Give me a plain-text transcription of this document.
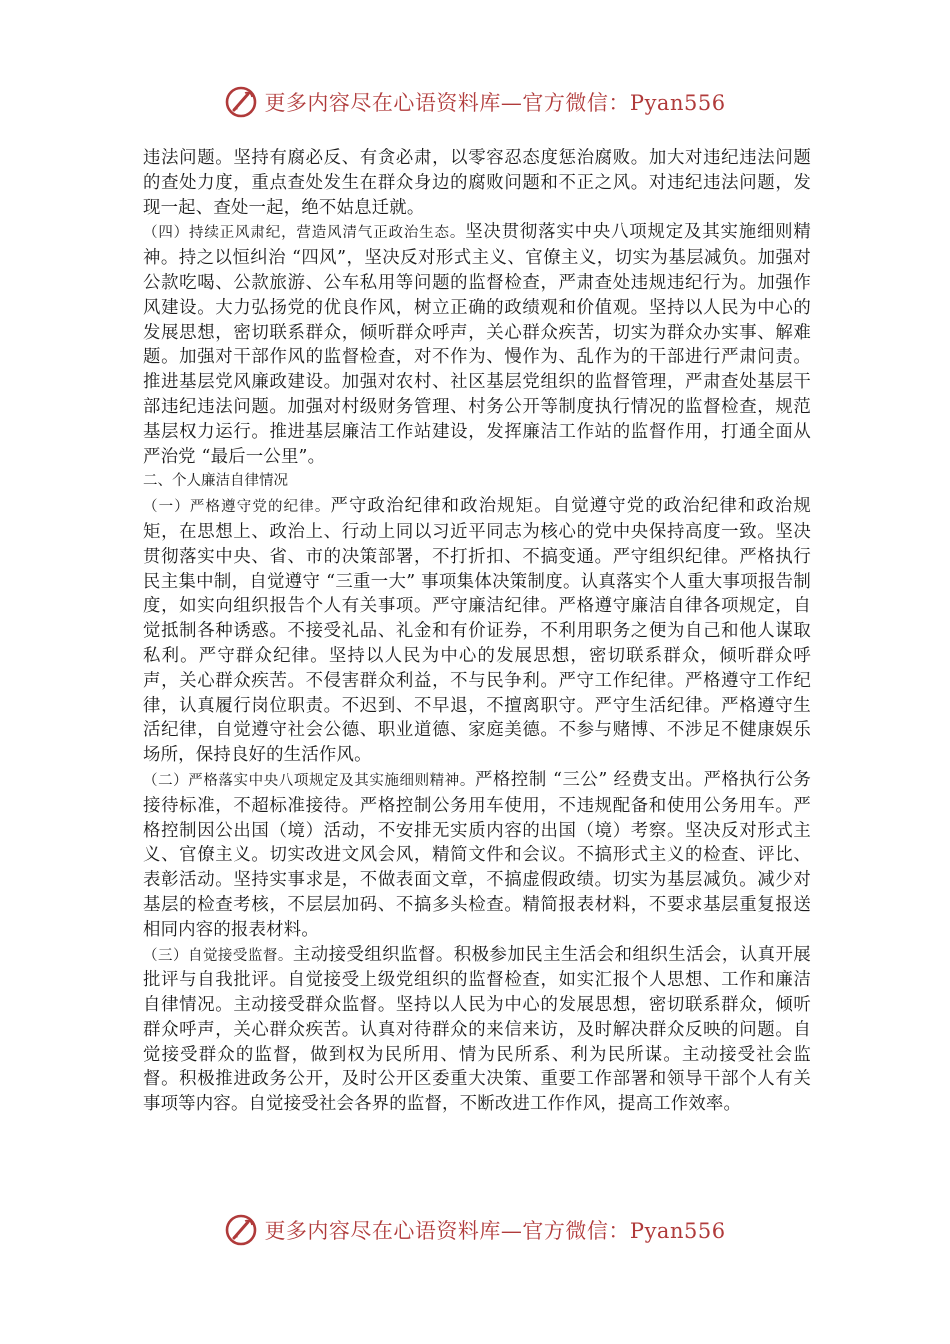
更多内容尽在心语资料库—官方微信：Pyan556

违法问题。坚持有腐必反、有贪必肃，以零容忍态度惩治腐败。加大对违纪违法问题的查处力度，重点查处发生在群众身边的腐败问题和不正之风。对违纪违法问题，发现一起、查处一起，绝不姑息迁就。

（四）持续正风肃纪，营造风清气正政治生态。坚决贯彻落实中央八项规定及其实施细则精神。持之以恒纠治 “四风”，坚决反对形式主义、官僚主义，切实为基层减负。加强对公款吃喝、公款旅游、公车私用等问题的监督检查，严肃查处违规违纪行为。加强作风建设。大力弘扬党的优良作风，树立正确的政绩观和价值观。坚持以人民为中心的发展思想，密切联系群众，倾听群众呼声，关心群众疾苦，切实为群众办实事、解难题。加强对干部作风的监督检查，对不作为、慢作为、乱作为的干部进行严肃问责。推进基层党风廉政建设。加强对农村、社区基层党组织的监督管理，严肃查处基层干部违纪违法问题。加强对村级财务管理、村务公开等制度执行情况的监督检查，规范基层权力运行。推进基层廉洁工作站建设，发挥廉洁工作站的监督作用，打通全面从严治党 “最后一公里”。

二、个人廉洁自律情况

（一）严格遵守党的纪律。严守政治纪律和政治规矩。自觉遵守党的政治纪律和政治规矩，在思想上、政治上、行动上同以习近平同志为核心的党中央保持高度一致。坚决贯彻落实中央、省、市的决策部署，不打折扣、不搞变通。严守组织纪律。严格执行民主集中制，自觉遵守 “三重一大” 事项集体决策制度。认真落实个人重大事项报告制度，如实向组织报告个人有关事项。严守廉洁纪律。严格遵守廉洁自律各项规定，自觉抵制各种诱惑。不接受礼品、礼金和有价证券，不利用职务之便为自己和他人谋取私利。严守群众纪律。坚持以人民为中心的发展思想，密切联系群众，倾听群众呼声，关心群众疾苦。不侵害群众利益，不与民争利。严守工作纪律。严格遵守工作纪律，认真履行岗位职责。不迟到、不早退，不擅离职守。严守生活纪律。严格遵守生活纪律，自觉遵守社会公德、职业道德、家庭美德。不参与赌博、不涉足不健康娱乐场所，保持良好的生活作风。

（二）严格落实中央八项规定及其实施细则精神。严格控制 “三公” 经费支出。严格执行公务接待标准，不超标准接待。严格控制公务用车使用，不违规配备和使用公务用车。严格控制因公出国（境）活动，不安排无实质内容的出国（境）考察。坚决反对形式主义、官僚主义。切实改进文风会风，精简文件和会议。不搞形式主义的检查、评比、表彰活动。坚持实事求是，不做表面文章，不搞虚假政绩。切实为基层减负。减少对基层的检查考核，不层层加码、不搞多头检查。精简报表材料，不要求基层重复报送相同内容的报表材料。

（三）自觉接受监督。主动接受组织监督。积极参加民主生活会和组织生活会，认真开展批评与自我批评。自觉接受上级党组织的监督检查，如实汇报个人思想、工作和廉洁自律情况。主动接受群众监督。坚持以人民为中心的发展思想，密切联系群众，倾听群众呼声，关心群众疾苦。认真对待群众的来信来访，及时解决群众反映的问题。自觉接受群众的监督，做到权为民所用、情为民所系、利为民所谋。主动接受社会监督。积极推进政务公开，及时公开区委重大决策、重要工作部署和领导干部个人有关事项等内容。自觉接受社会各界的监督，不断改进工作作风，提高工作效率。

更多内容尽在心语资料库—官方微信：Pyan556
